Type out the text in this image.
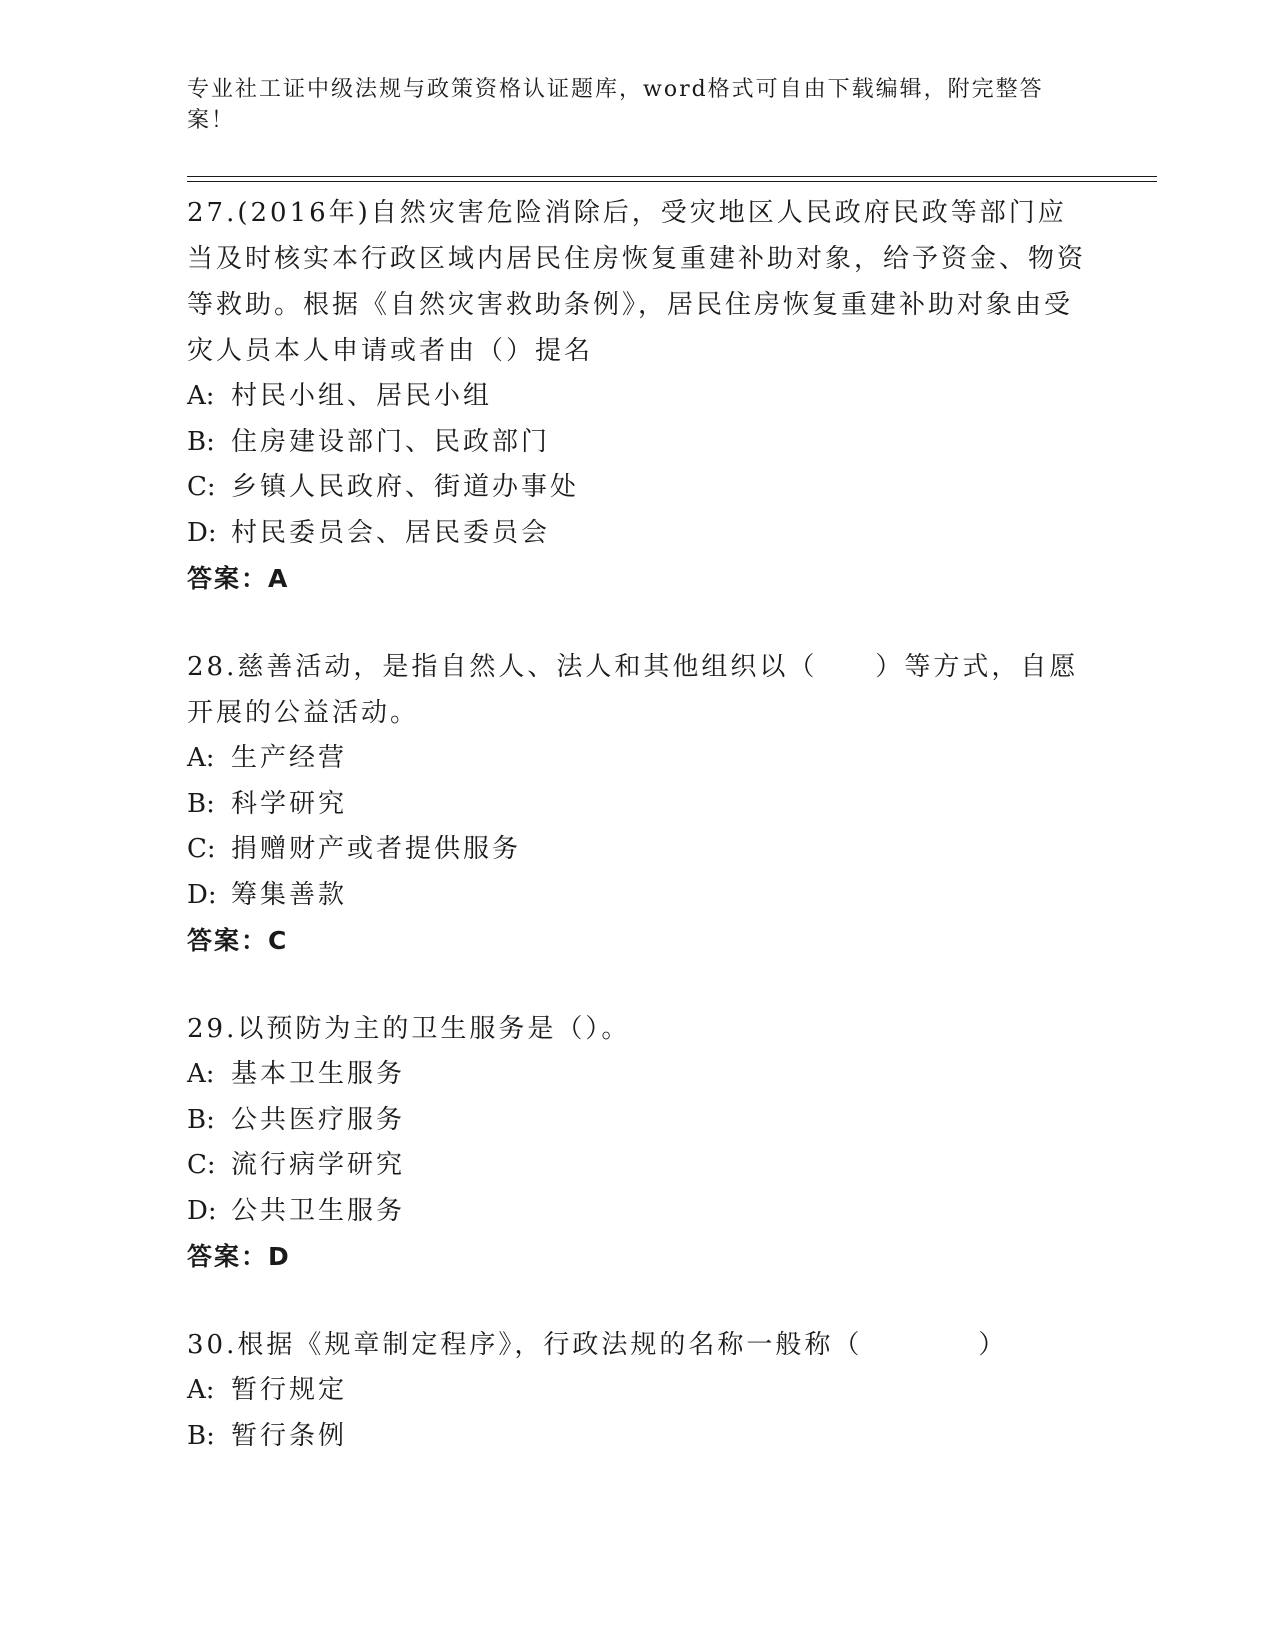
专业社工证中级法规与政策资格认证题库，word格式可自由下载编辑，附完整答案！

27.(2016年)自然灾害危险消除后，受灾地区人民政府民政等部门应当及时核实本行政区域内居民住房恢复重建补助对象，给予资金、物资等救助。根据《自然灾害救助条例》，居民住房恢复重建补助对象由受灾人员本人申请或者由（）提名

A: 村民小组、居民小组

B: 住房建设部门、民政部门

C: 乡镇人民政府、街道办事处

D: 村民委员会、居民委员会

答案：A

28.慈善活动，是指自然人、法人和其他组织以（　　）等方式，自愿开展的公益活动。

A: 生产经营

B: 科学研究

C: 捐赠财产或者提供服务

D: 筹集善款

答案：C

29.以预防为主的卫生服务是（）。

A: 基本卫生服务

B: 公共医疗服务

C: 流行病学研究

D: 公共卫生服务

答案：D

30.根据《规章制定程序》，行政法规的名称一般称（　　　　）

A: 暂行规定

B: 暂行条例
